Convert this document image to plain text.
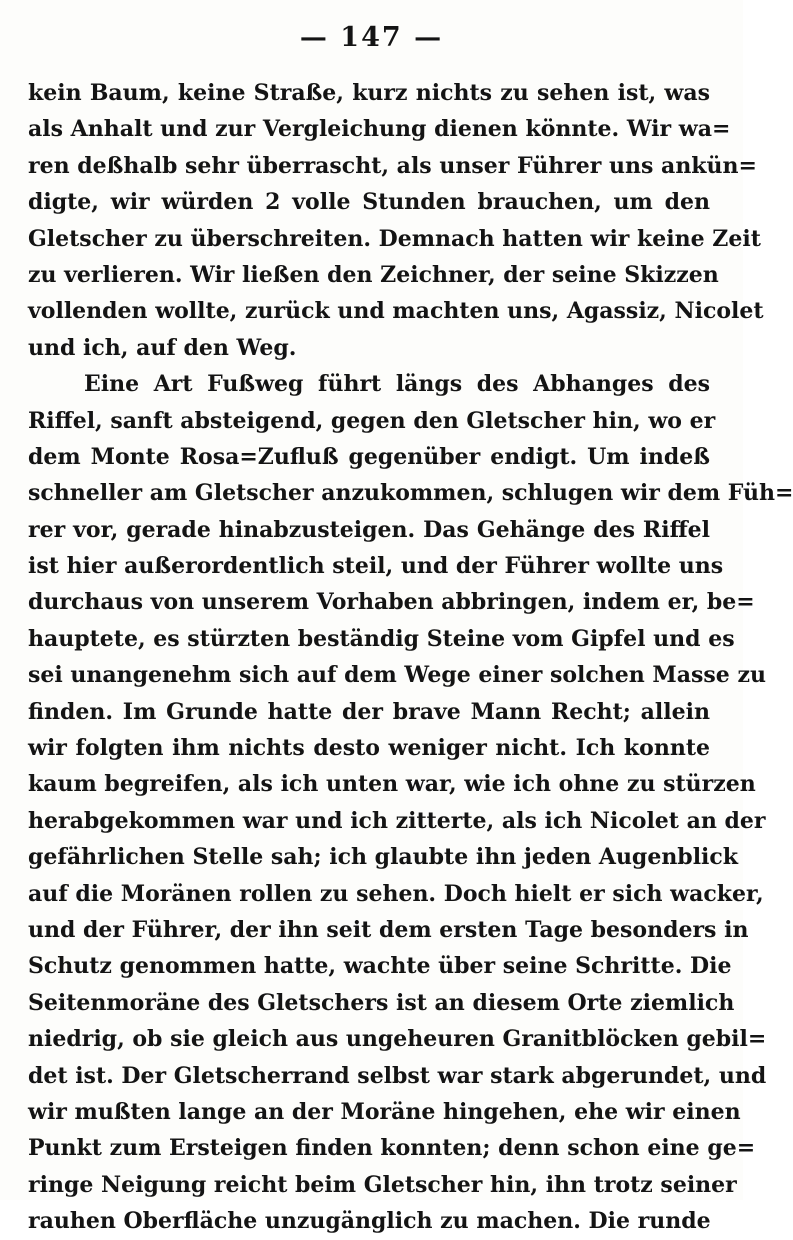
— 147 —
kein Baum, keine Straße, kurz nichts zu sehen ist, was
als Anhalt und zur Vergleichung dienen könnte. Wir wa=
ren deßhalb sehr überrascht, als unser Führer uns ankün=
digte, wir würden 2 volle Stunden brauchen, um den
Gletscher zu überschreiten. Demnach hatten wir keine Zeit
zu verlieren. Wir ließen den Zeichner, der seine Skizzen
vollenden wollte, zurück und machten uns, Agassiz, Nicolet
und ich, auf den Weg.
Eine Art Fußweg führt längs des Abhanges des
Riffel, sanft absteigend, gegen den Gletscher hin, wo er
dem Monte Rosa=Zufluß gegenüber endigt. Um indeß
schneller am Gletscher anzukommen, schlugen wir dem Füh=
rer vor, gerade hinabzusteigen. Das Gehänge des Riffel
ist hier außerordentlich steil, und der Führer wollte uns
durchaus von unserem Vorhaben abbringen, indem er, be=
hauptete, es stürzten beständig Steine vom Gipfel und es
sei unangenehm sich auf dem Wege einer solchen Masse zu
finden. Im Grunde hatte der brave Mann Recht; allein
wir folgten ihm nichts desto weniger nicht. Ich konnte
kaum begreifen, als ich unten war, wie ich ohne zu stürzen
herabgekommen war und ich zitterte, als ich Nicolet an der
gefährlichen Stelle sah; ich glaubte ihn jeden Augenblick
auf die Moränen rollen zu sehen. Doch hielt er sich wacker,
und der Führer, der ihn seit dem ersten Tage besonders in
Schutz genommen hatte, wachte über seine Schritte. Die
Seitenmoräne des Gletschers ist an diesem Orte ziemlich
niedrig, ob sie gleich aus ungeheuren Granitblöcken gebil=
det ist. Der Gletscherrand selbst war stark abgerundet, und
wir mußten lange an der Moräne hingehen, ehe wir einen
Punkt zum Ersteigen finden konnten; denn schon eine ge=
ringe Neigung reicht beim Gletscher hin, ihn trotz seiner
rauhen Oberfläche unzugänglich zu machen. Die runde
